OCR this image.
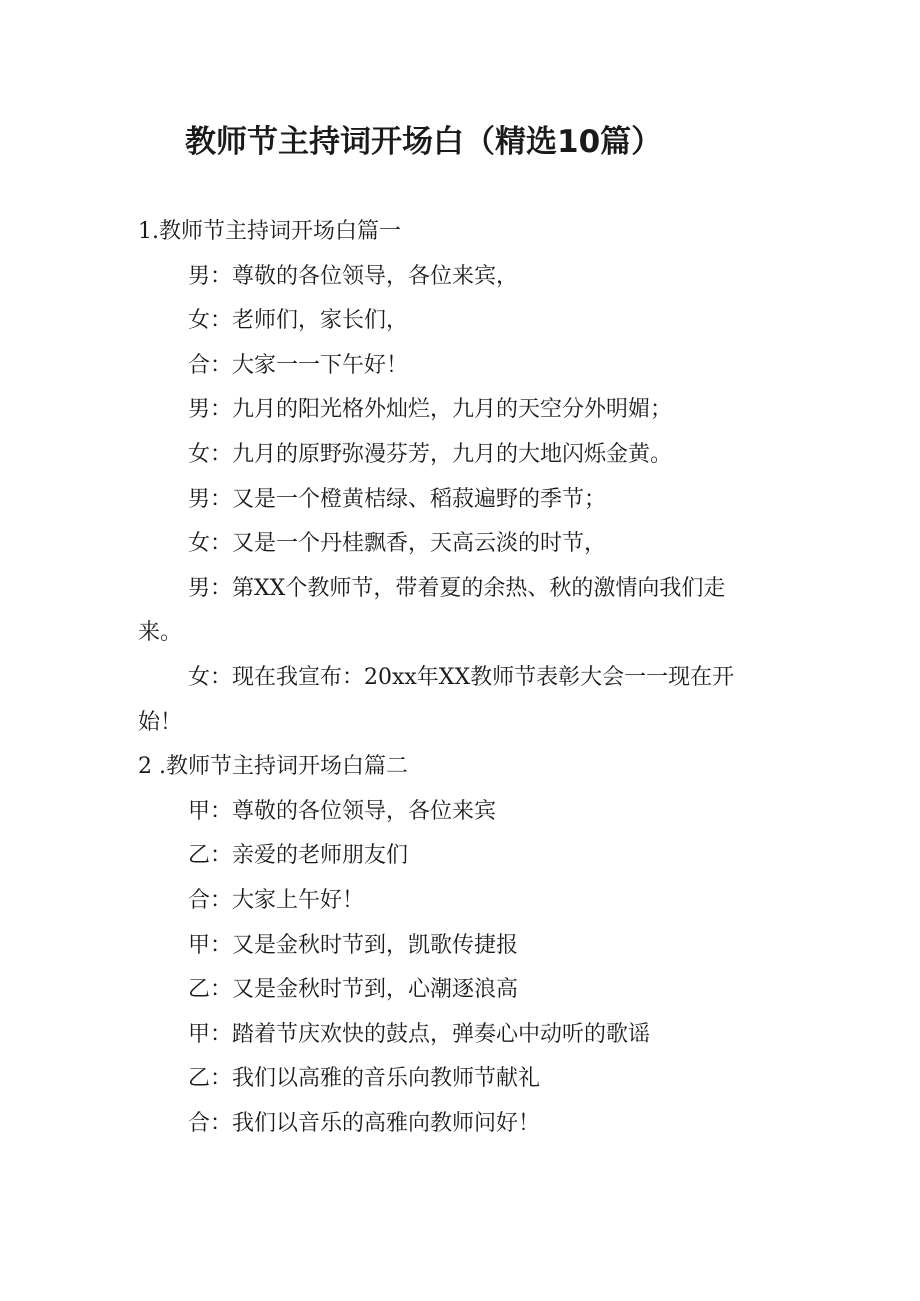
教师节主持词开场白（精选10篇）

1.教师节主持词开场白篇一

男：尊敬的各位领导，各位来宾，

女：老师们，家长们，

合：大家一一下午好！

男：九月的阳光格外灿烂，九月的天空分外明媚；

女：九月的原野弥漫芬芳，九月的大地闪烁金黄。

男：又是一个橙黄桔绿、稻菽遍野的季节；

女：又是一个丹桂飘香，天高云淡的时节，

男：第XX个教师节，带着夏的余热、秋的激情向我们走来。

女：现在我宣布：20xx年XX教师节表彰大会一一现在开始！

2 .教师节主持词开场白篇二

甲：尊敬的各位领导，各位来宾

乙：亲爱的老师朋友们

合：大家上午好！

甲：又是金秋时节到，凯歌传捷报

乙：又是金秋时节到，心潮逐浪高

甲：踏着节庆欢快的鼓点，弹奏心中动听的歌谣

乙：我们以高雅的音乐向教师节献礼

合：我们以音乐的高雅向教师问好！
